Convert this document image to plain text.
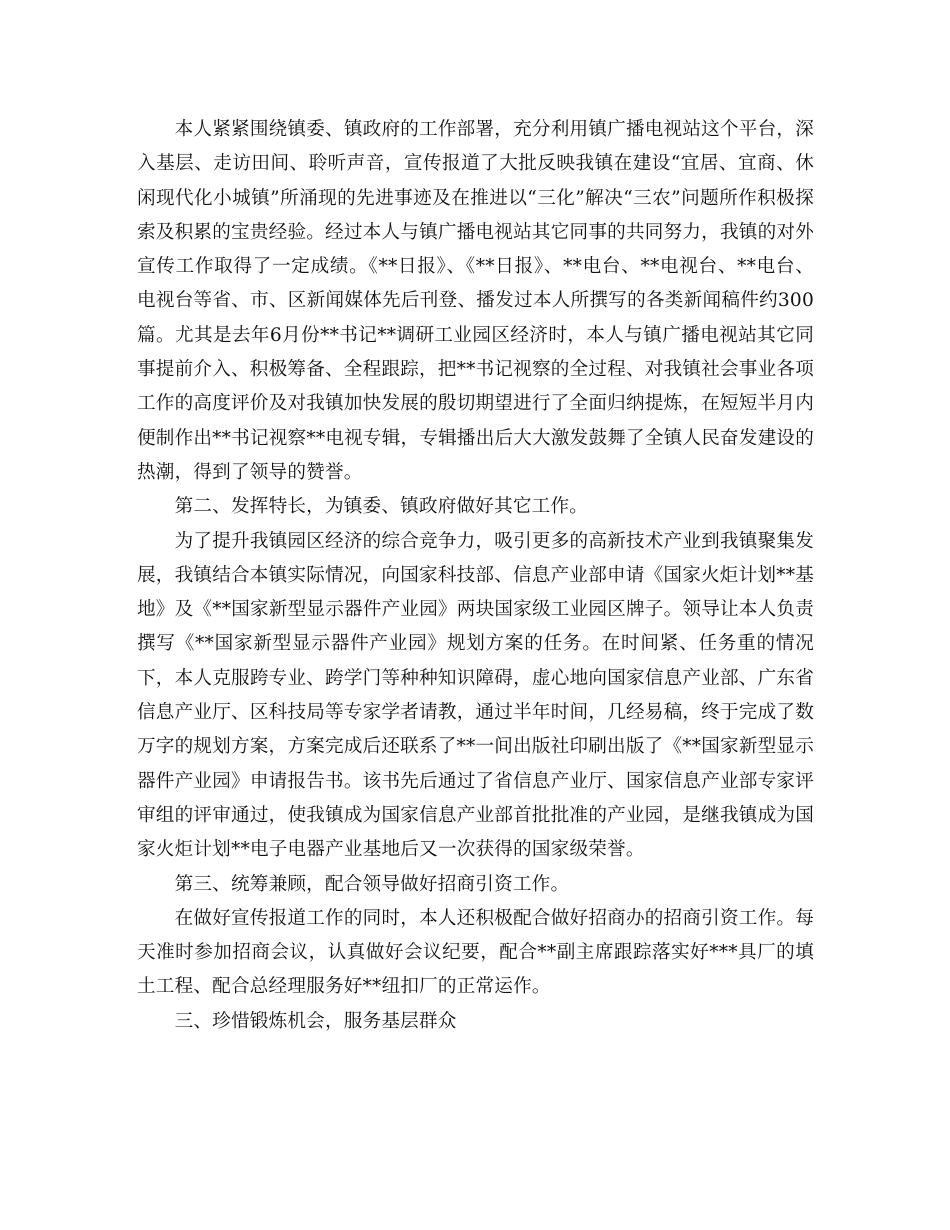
本人紧紧围绕镇委、镇政府的工作部署，充分利用镇广播电视站这个平台，深入基层、走访田间、聆听声音，宣传报道了大批反映我镇在建设“宜居、宜商、休闲现代化小城镇”所涌现的先进事迹及在推进以“三化”解决“三农”问题所作积极探索及积累的宝贵经验。经过本人与镇广播电视站其它同事的共同努力，我镇的对外宣传工作取得了一定成绩。《**日报》、《**日报》、**电台、**电视台、**电台、电视台等省、市、区新闻媒体先后刊登、播发过本人所撰写的各类新闻稿件约300篇。尤其是去年6月份**书记**调研工业园区经济时，本人与镇广播电视站其它同事提前介入、积极筹备、全程跟踪，把**书记视察的全过程、对我镇社会事业各项工作的高度评价及对我镇加快发展的殷切期望进行了全面归纳提炼，在短短半月内便制作出**书记视察**电视专辑，专辑播出后大大激发鼓舞了全镇人民奋发建设的热潮，得到了领导的赞誉。

第二、发挥特长，为镇委、镇政府做好其它工作。

为了提升我镇园区经济的综合竞争力，吸引更多的高新技术产业到我镇聚集发展，我镇结合本镇实际情况，向国家科技部、信息产业部申请《国家火炬计划**基地》及《**国家新型显示器件产业园》两块国家级工业园区牌子。领导让本人负责撰写《**国家新型显示器件产业园》规划方案的任务。在时间紧、任务重的情况下，本人克服跨专业、跨学门等种种知识障碍，虚心地向国家信息产业部、广东省信息产业厅、区科技局等专家学者请教，通过半年时间，几经易稿，终于完成了数万字的规划方案，方案完成后还联系了**一间出版社印刷出版了《**国家新型显示器件产业园》申请报告书。该书先后通过了省信息产业厅、国家信息产业部专家评审组的评审通过，使我镇成为国家信息产业部首批批准的产业园，是继我镇成为国家火炬计划**电子电器产业基地后又一次获得的国家级荣誉。

第三、统筹兼顾，配合领导做好招商引资工作。

在做好宣传报道工作的同时，本人还积极配合做好招商办的招商引资工作。每天准时参加招商会议，认真做好会议纪要，配合**副主席跟踪落实好***具厂的填土工程、配合总经理服务好**纽扣厂的正常运作。

三、珍惜锻炼机会，服务基层群众
